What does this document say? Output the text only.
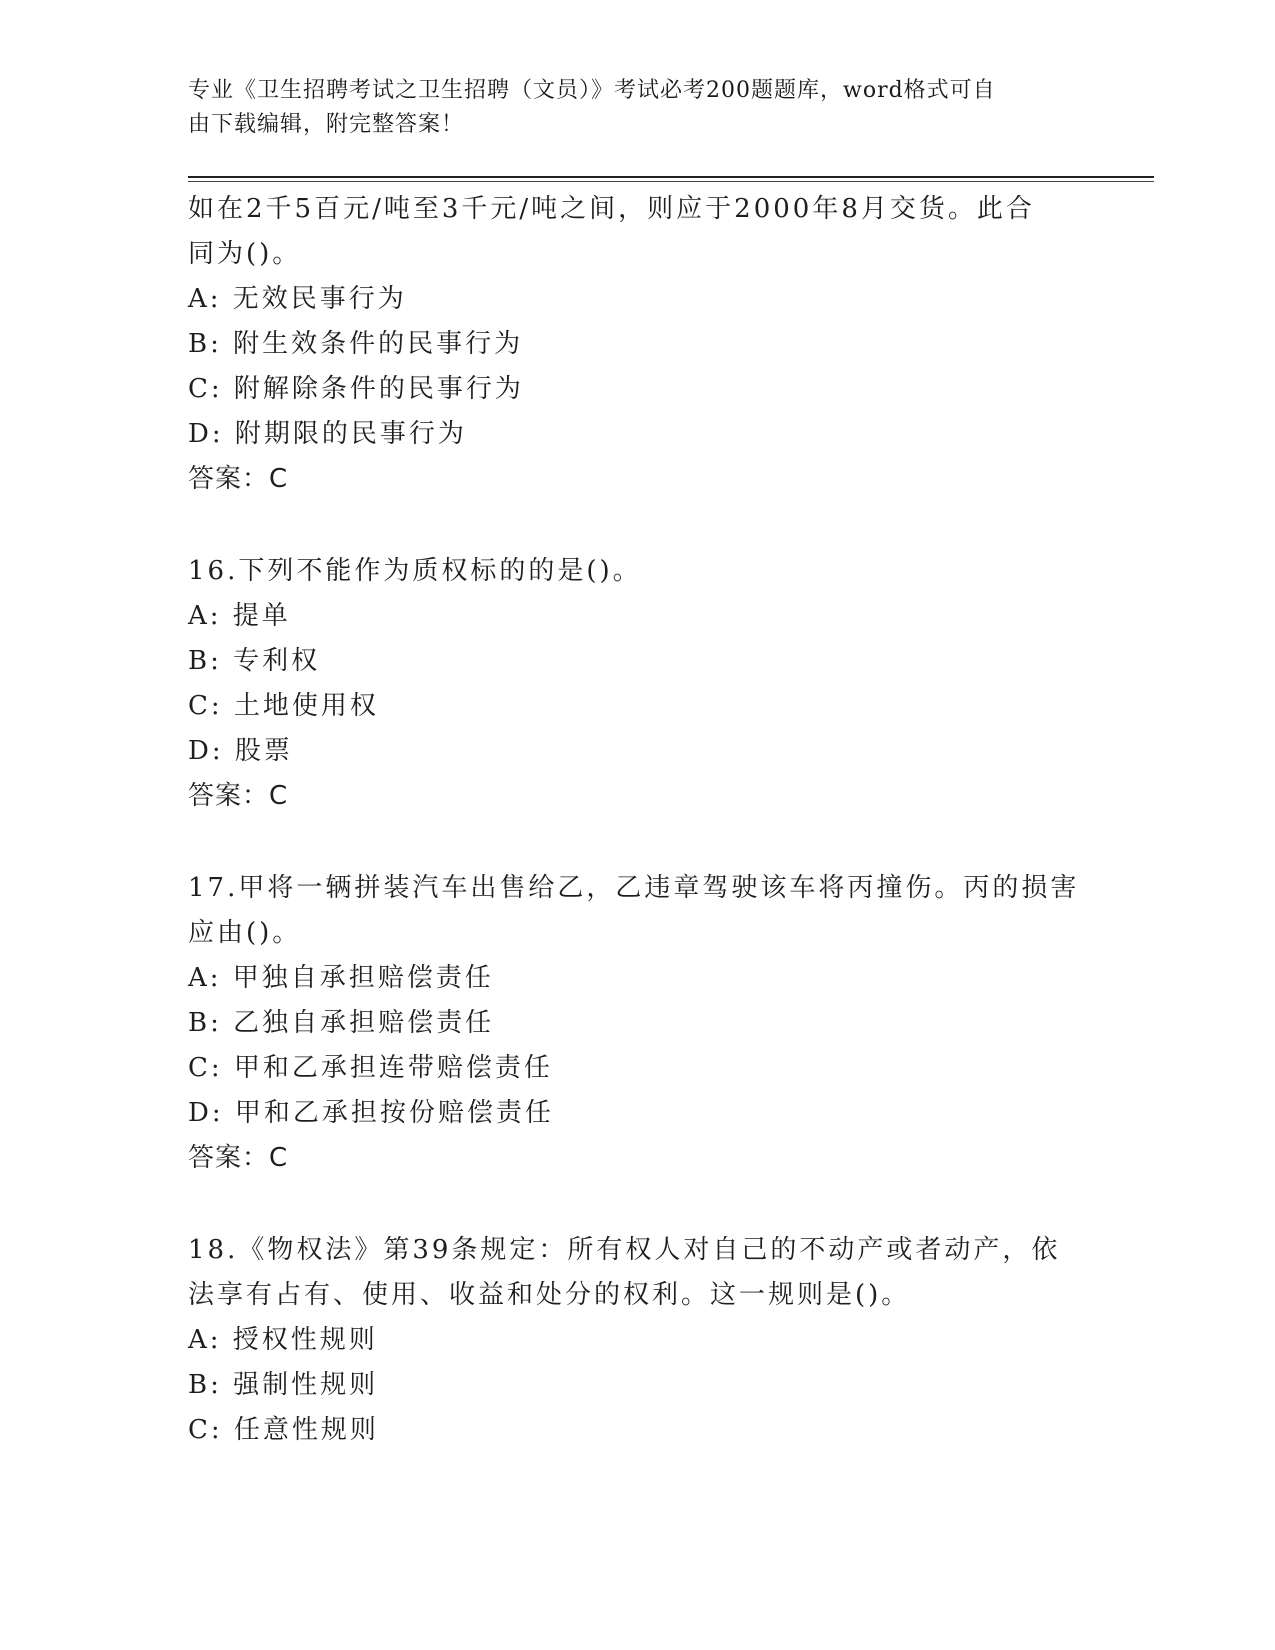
专业《卫生招聘考试之卫生招聘（文员）》考试必考200题题库，word格式可自
由下载编辑，附完整答案！
如在2千5百元/吨至3千元/吨之间，则应于2000年8月交货。此合
同为()。
A: 无效民事行为
B: 附生效条件的民事行为
C: 附解除条件的民事行为
D: 附期限的民事行为
答案：C
16.下列不能作为质权标的的是()。
A: 提单
B: 专利权
C: 土地使用权
D: 股票
答案：C
17.甲将一辆拼装汽车出售给乙，乙违章驾驶该车将丙撞伤。丙的损害
应由()。
A: 甲独自承担赔偿责任
B: 乙独自承担赔偿责任
C: 甲和乙承担连带赔偿责任
D: 甲和乙承担按份赔偿责任
答案：C
18.《物权法》第39条规定：所有权人对自己的不动产或者动产，依
法享有占有、使用、收益和处分的权利。这一规则是()。
A: 授权性规则
B: 强制性规则
C: 任意性规则
